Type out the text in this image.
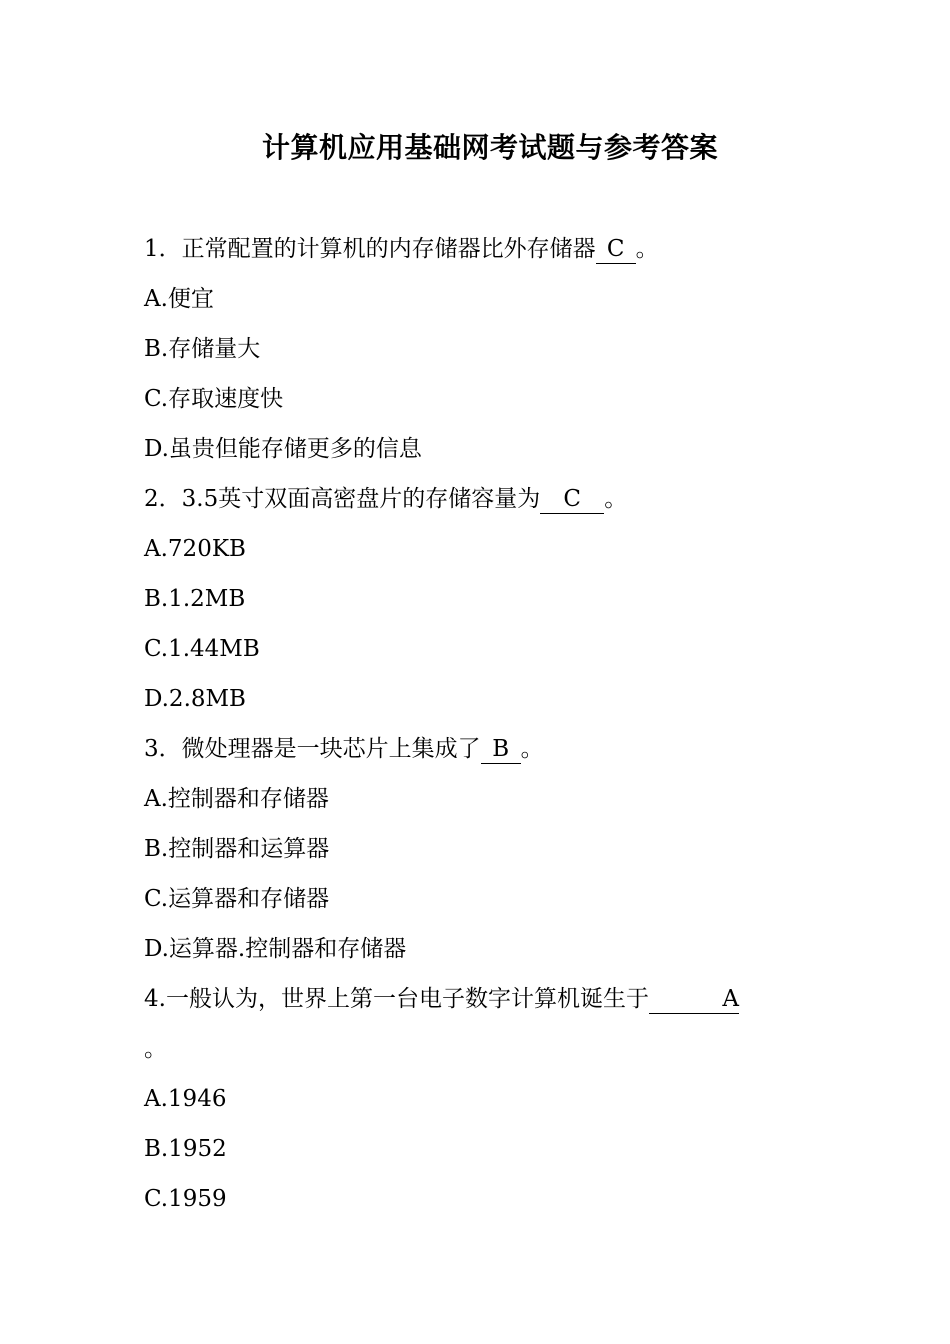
计算机应用基础网考试题与参考答案
1．正常配置的计算机的内存储器比外存储器 C 。
A.便宜
B.存储量大
C.存取速度快
D.虽贵但能存储更多的信息
2．3.5英寸双面高密盘片的存储容量为 C 。
A.720KB
B.1.2MB
C.1.44MB
D.2.8MB
3．微处理器是一块芯片上集成了 B 。
A.控制器和存储器
B.控制器和运算器
C.运算器和存储器
D.运算器.控制器和存储器
4.一般认为，世界上第一台电子数字计算机诞生于	A
。
A.1946
B.1952
C.1959
